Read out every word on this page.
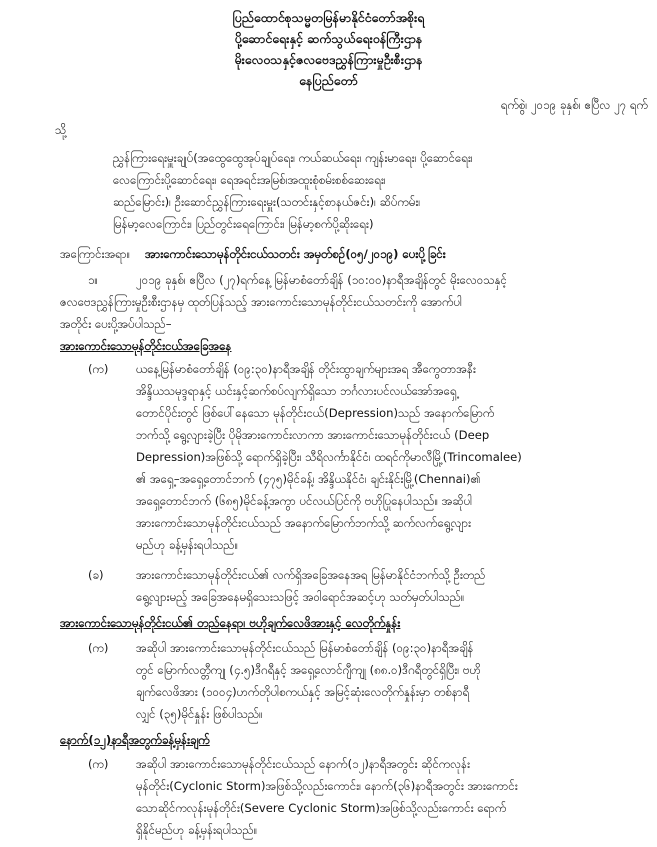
ပြည်ထောင်စုသမ္မတမြန်မာနိုင်ငံတော်အစိုးရ
ပို့ဆောင်ရေးနှင့် ဆက်သွယ်ရေးဝန်ကြီးဌာန
မိုးလေဝသနှင့်ဇလဗေဒညွှန်ကြားမှုဦးစီးဌာန
နေပြည်တော်
ရက်စွဲ၊ ၂၀၁၉ ခုနှစ်၊ ဧပြီလ ၂၇ ရက်
သို့
ညွှန်ကြားရေးမှူးချုပ်(အထွေထွေအုပ်ချုပ်ရေး၊ ကယ်ဆယ်ရေး၊ ကျန်းမာရေး၊ ပို့ဆောင်ရေး၊
လေကြောင်းပို့ဆောင်ရေး၊ ရေအရင်းအမြစ်၊အထူးစုံစမ်းစစ်ဆေးရေး၊
ဆည်မြောင်း)၊ ဦးဆောင်ညွှန်ကြားရေးမှူး(သတင်းနှင့်စာနယ်ဇင်း)၊ ဆိပ်ကမ်း၊
မြန်မာ့လေကြောင်း၊ ပြည်တွင်းရေကြောင်း၊ မြန်မာ့စက်ပို့ဆိုးရေး)
အကြောင်းအရာ။	အားကောင်းသောမုန်တိုင်းငယ်သတင်း အမှတ်စဉ်(၀၅/၂၀၁၉) ပေးပို့ခြင်း
၁။	၂၀၁၉ ခုနှစ်၊ ဧပြီလ (၂၇)ရက်နေ့ မြန်မာစံတော်ချိန် (၁၀:၀၀)နာရီအချိန်တွင် မိုးလေဝသနှင့်
ဇလဗေဒညွှန်ကြားမှုဦးစီးဌာနမှ ထုတ်ပြန်သည့် အားကောင်းသောမုန်တိုင်းငယ်သတင်းကို အောက်ပါ
အတိုင်း ပေးပို့အပ်ပါသည်–
အားကောင်းသောမုန်တိုင်းငယ်အခြေအနေ
(က) ယနေ့မြန်မာစံတော်ချိန် (၀၉:၃၀)နာရီအချိန် တိုင်းထွာချက်များအရ အီကွေတာအနီး
အိန္ဒိယသမုဒ္ဒရာနှင့် ယင်းနှင့်ဆက်စပ်လျက်ရှိသော ဘင်္ဂလားပင်လယ်အော်အရှေ့
တောင်ပိုင်းတွင် ဖြစ်ပေါ်နေသော မုန်တိုင်းငယ်(Depression)သည် အနောက်မြောက်
ဘက်သို့ ရွေ့လျားခဲ့ပြီး ပိုမိုအားကောင်းလာကာ အားကောင်းသောမုန်တိုင်းငယ် (Deep
Depression)အဖြစ်သို့ ရောက်ရှိခဲ့ပြီး၊ သီရိလင်္ကာနိုင်ငံ၊ ထရင်ကိုမာလီမြို့(Trincomalee)
၏ အရှေ့–အရှေ့တောင်ဘက် (၄၇၅)မိုင်ခန့်၊ အိန္ဒိယနိုင်ငံ၊ ချင်းနိုင်းမြို့(Chennai)၏
အရှေ့တောင်ဘက် (၆၈၅)မိုင်ခန့်အကွာ ပင်လယ်ပြင်ကို ဗဟိုပြုနေပါသည်။ အဆိုပါ
အားကောင်းသောမုန်တိုင်းငယ်သည် အနောက်မြောက်ဘက်သို့ ဆက်လက်ရွေ့လျား
မည်ဟု ခန့်မှန်းရပါသည်။
(ခ)	အားကောင်းသောမုန်တိုင်းငယ်၏ လက်ရှိအခြေအနေအရ မြန်မာနိုင်ငံဘက်သို့ ဦးတည်
ရွေ့လျားမည့် အခြေအနေမရှိသေးသဖြင့် အဝါရောင်အဆင့်ဟု သတ်မှတ်ပါသည်။
အားကောင်းသောမုန်တိုင်းငယ်၏ တည်နေရာ၊ ဗဟိုချက်လေဖိအားနှင့် လေတိုက်နှုန်း
(က) အဆိုပါ အားကောင်းသောမုန်တိုင်းငယ်သည် မြန်မာစံတော်ချိန် (၀၉:၃၀)နာရီအချိန်
တွင် မြောက်လတ္တီကျု (၄.၅)ဒီဂရီနှင့် အရှေ့လောင်ဂျီကျု (၈၈.၀)ဒီဂရီတွင်ရှိပြီး၊ ဗဟို
ချက်လေဖိအား (၁၀၀၄)ဟက်တိုပါစကယ်နှင့် အမြင့်ဆုံးလေတိုက်နှုန်းမှာ တစ်နာရီ
လျှင် (၃၅)မိုင်နှုန်း ဖြစ်ပါသည်။
နောက်(၁၂)နာရီအတွက်ခန့်မှန်းချက်
(က) အဆိုပါ အားကောင်းသောမုန်တိုင်းငယ်သည် နောက်(၁၂)နာရီအတွင်း ဆိုင်ကလုန်း
မုန်တိုင်း(Cyclonic Storm)အဖြစ်သို့လည်းကောင်း၊ နောက်(၃၆)နာရီအတွင်း အားကောင်း
သောဆိုင်ကလုန်းမုန်တိုင်း(Severe Cyclonic Storm)အဖြစ်သို့လည်းကောင်း ရောက်
ရှိနိုင်မည်ဟု ခန့်မှန်းရပါသည်။
